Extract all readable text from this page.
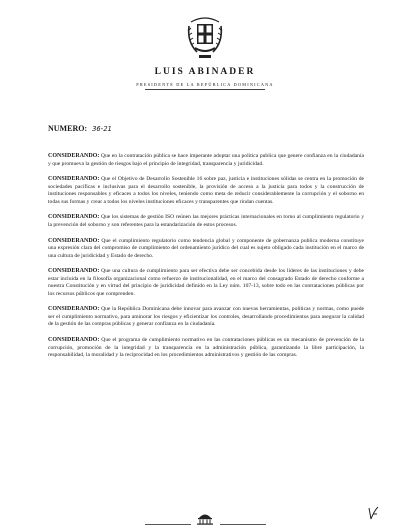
LUIS ABINADER
PRESIDENTE DE LA REPÚBLICA DOMINICANA
NUMERO: 36-21

CONSIDERANDO: Que en la contratación pública se hace imperante adoptar una política publica que genere confianza en la ciudadanía y que promueva la gestión de riesgos bajo el principio de integridad, transparencia y juridicidad.

CONSIDERANDO: Que el Objetivo de Desarrollo Sostenible 16 sobre paz, justicia e instituciones sólidas se centra en la promoción de sociedades pacíficas e inclusivas para el desarrollo sostenible, la provisión de acceso a la justicia para todos y la construcción de instituciones responsables y eficaces a todos los niveles, teniendo como meta de reducir considerablemente la corrupción y el soborno en todas sus formas y crear a todos los niveles instituciones eficaces y transparentes que rindan cuentas.

CONSIDERANDO: Que los sistemas de gestión ISO reúnen las mejores prácticas internacionales en torno al cumplimiento regulatorio y la prevención del soborno y son referentes para la estandarización de estos procesos.

CONSIDERANDO: Que el cumplimiento regulatorio como tendencia global y componente de gobernanza publica moderna constituye una expresión clara del compromiso de cumplimiento del ordenamiento jurídico del cual es sujeto obligado cada institución en el marco de una cultura de juridicidad y Estado de derecho.

CONSIDERANDO: Que una cultura de cumplimiento para ser efectiva debe ser concebida desde los líderes de las instituciones y debe estar incluida en la filosofía organizacional como refuerzo de institucionalidad, en el marco del consagrado Estado de derecho conforme a nuestra Constitución y en virtud del principio de juridicidad definido en la Ley núm. 107-13, sobre todo en las contrataciones públicas por los recursos públicos que comprenden.

CONSIDERANDO: Que la República Dominicana debe innovar para avanzar con nuevas herramientas, políticas y normas, como puede ser el cumplimiento normativo, para aminorar los riesgos y eficientizar los controles, desarrollando procedimientos para asegurar la calidad de la gestión de las compras públicas y generar confianza en la ciudadanía.

CONSIDERANDO: Que el programa de cumplimiento normativo en las contrataciones públicas es un mecanismo de prevención de la corrupción, promoción de la integridad y la transparencia en la administración pública, garantizando la libre participación, la responsabilidad, la moralidad y la reciprocidad en los procedimientos administrativos y gestión de las compras.
